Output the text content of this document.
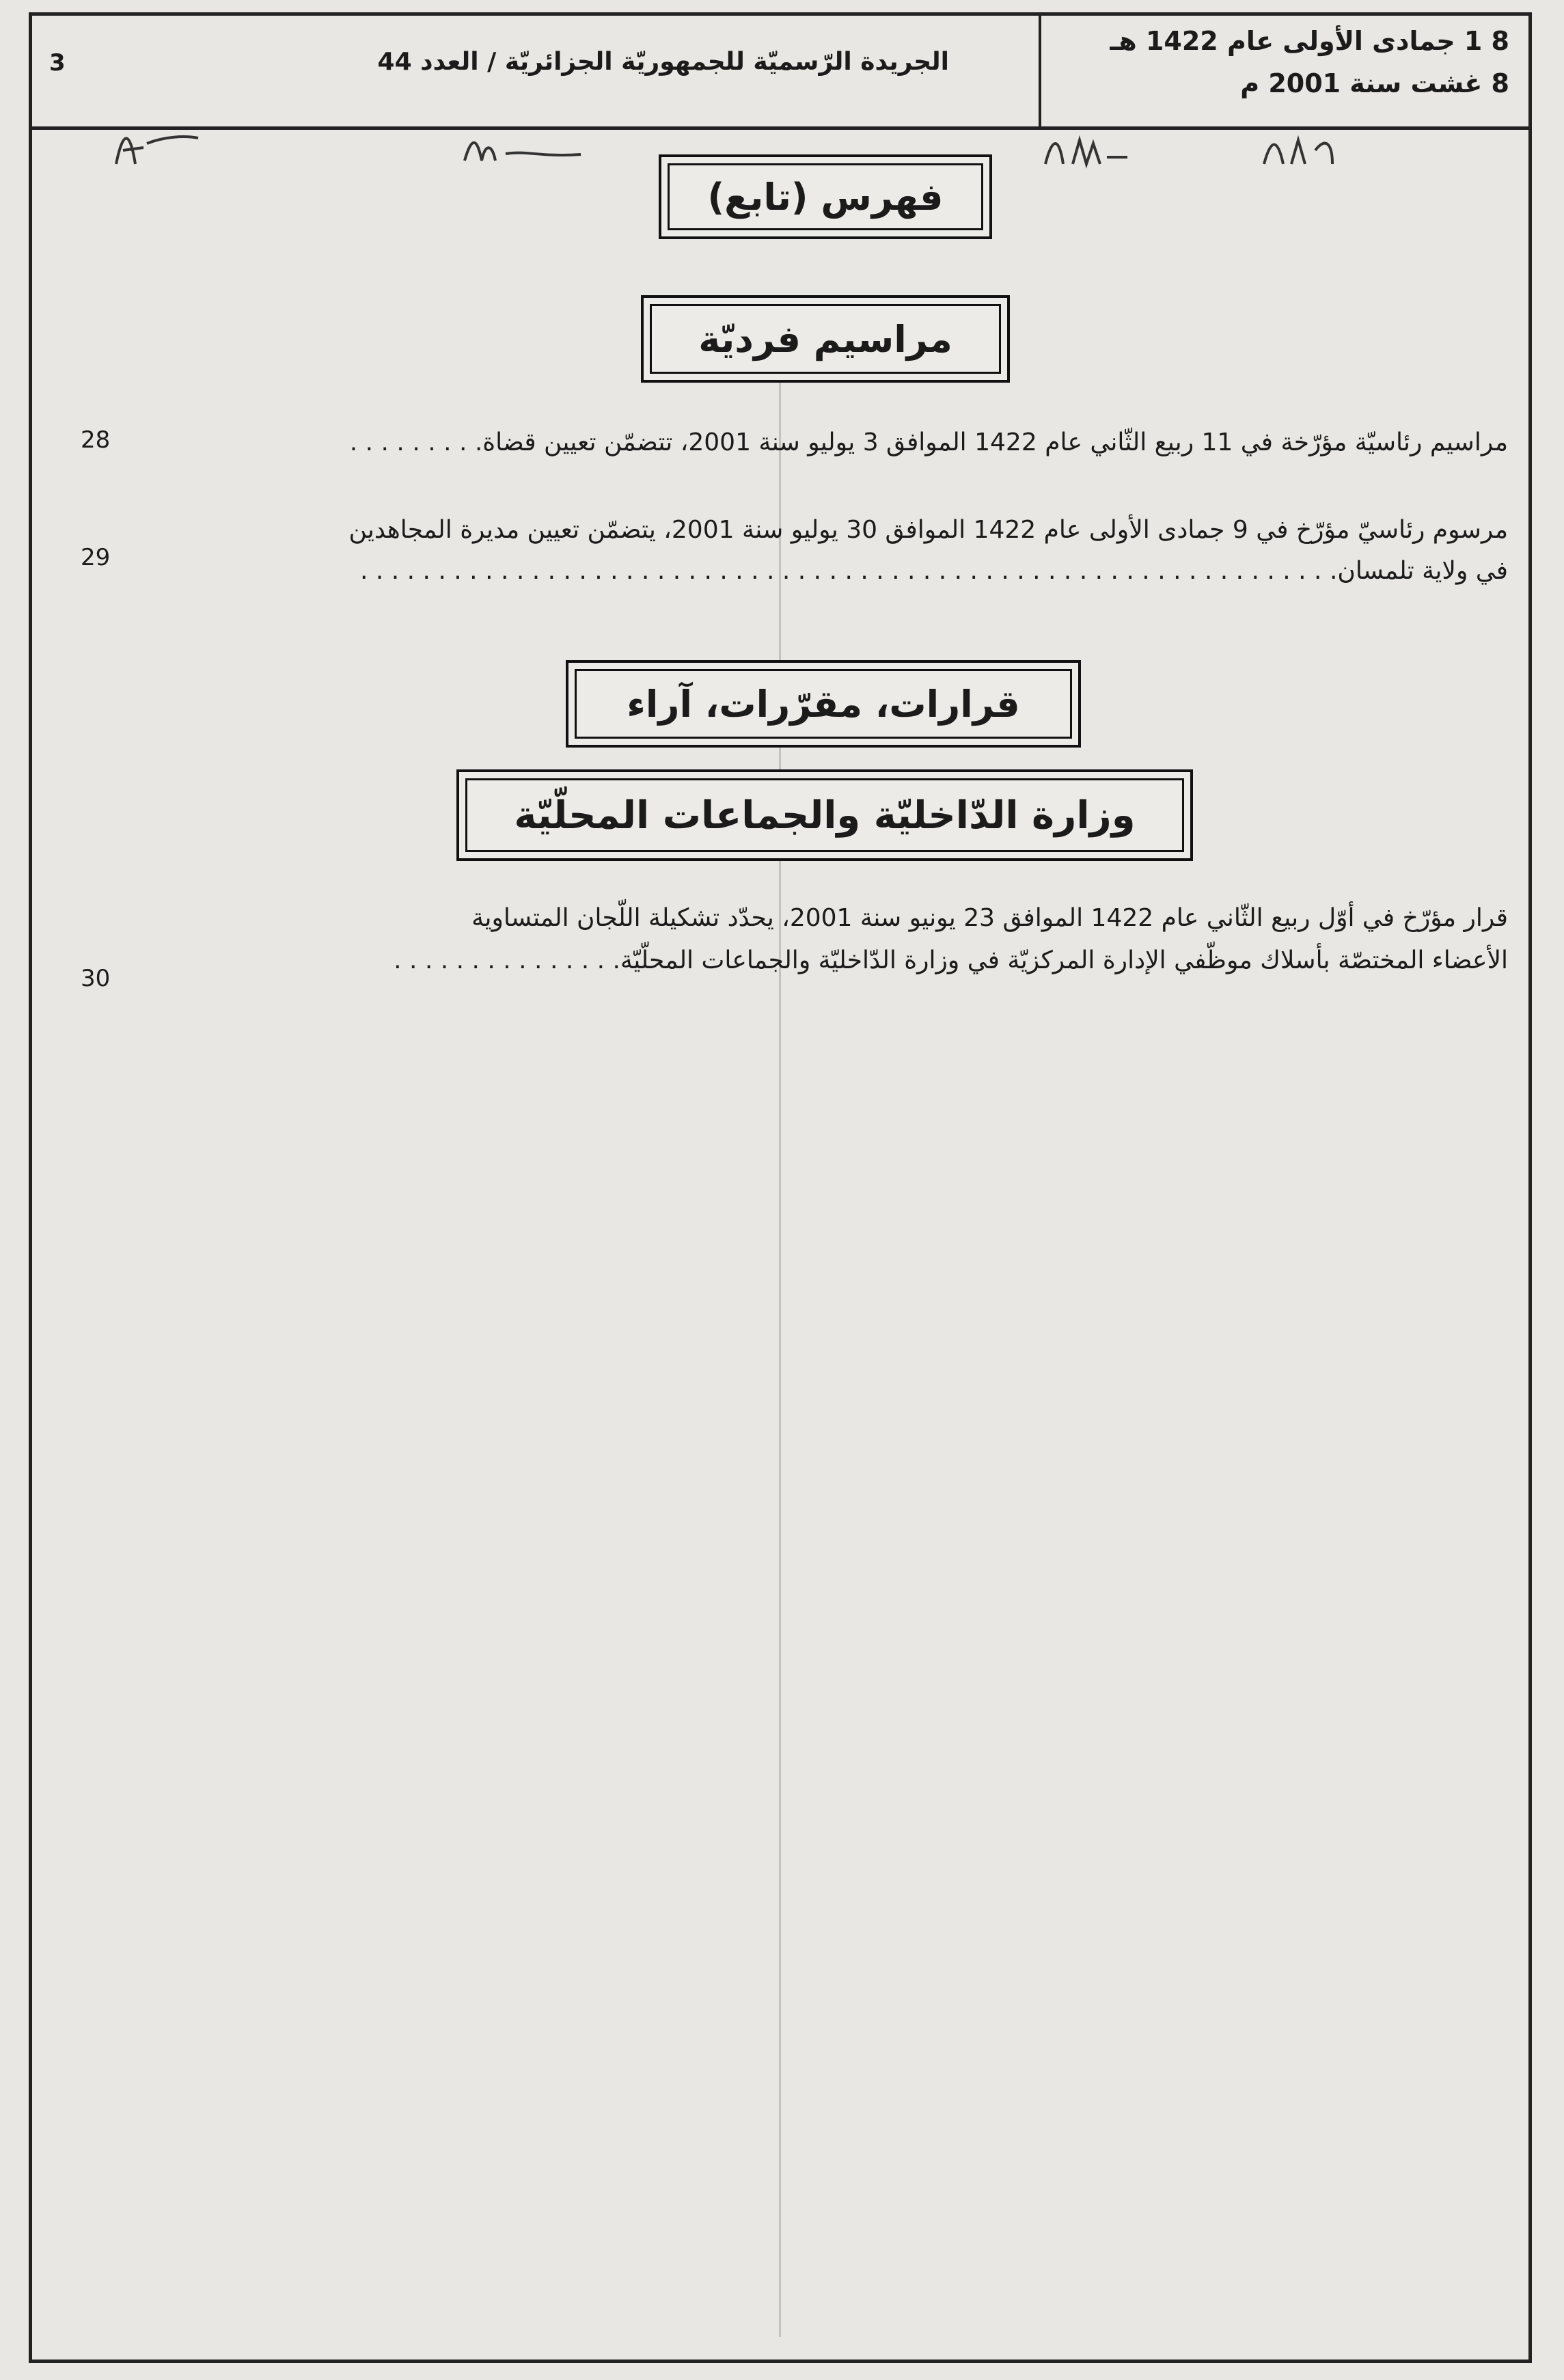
3
8 1 جمادى الأولى عام 1422 هـ
8 غشت سنة 2001 م
الجريدة الرّسميّة للجمهوريّة الجزائريّة / العدد 44
فهرس (تابع)
مراسيم فرديّة
مراسيم رئاسيّة مؤرّخة في 11 ربيع الثّاني عام 1422 الموافق 3 يوليو سنة 2001، تتضمّن تعيين قضاة. . . . . . . . .
28
مرسوم رئاسيّ مؤرّخ في 9 جمادى الأولى عام 1422 الموافق 30 يوليو سنة 2001، يتضمّن تعيين مديرة المجاهدين
في ولاية تلمسان. . . . . . . . . . . . . . . . . . . . . . . . . . . . . . . . . . . . . . . . . . . . . . . . . . . . . . . . . . . . . . .
29
قرارات، مقرّرات، آراء
وزارة الدّاخليّة والجماعات المحلّيّة
قرار مؤرّخ في أوّل ربيع الثّاني عام 1422 الموافق 23 يونيو سنة 2001، يحدّد تشكيلة اللّجان المتساوية
الأعضاء المختصّة بأسلاك موظّفي الإدارة المركزيّة في وزارة الدّاخليّة والجماعات المحلّيّة. . . . . . . . . . . . . . .
30
